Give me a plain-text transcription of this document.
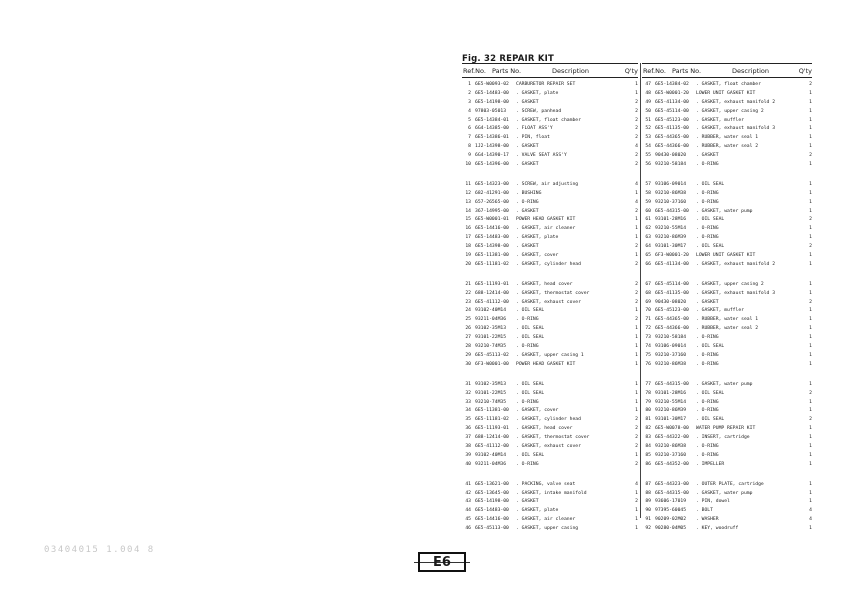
Fig. 32 REPAIR KIT
Ref.No. Parts No.	Description	Q'ty
1 6E5-W0093-02 CARBURETOR REPAIR SET	1
2 6E5-14483-00 . GASKET, plate	1
3 6E5-14198-00 . GASKET	2
4 97803-05013 . SCREW, panhead	2
5 6E5-14384-01 . GASKET, float chamber	2
6 6G4-14385-00 . FLOAT ASS'Y	2
7 6E5-14386-01 . PIN, float	2
8 1J2-14398-00 . GASKET	4
9 6G4-14390-17 . VALVE SEAT ASS'Y	2
10 6E5-14396-00 . GASKET	2
11 6E5-14323-00 . SCREW, air adjusting	4
12 682-41291-00 . BUSHING	1
13 657-26565-00 . O-RING	4
14 367-14995-00 . GASKET	2
15 6E5-W0001-01 POWER HEAD GASKET KIT	1
16 6E5-14416-00 . GASKET, air cleaner	1
17 6E5-14483-00 . GASKET, plate	1
18 6E5-14398-00 . GASKET	2
19 6E5-11381-00 . GASKET, cover	1
20 6E5-11181-02 . GASKET, cylinder head	2
21 6E5-11193-01 . GASKET, head cover	2
22 688-12414-00 . GASKET, thermostat cover	2
23 6E5-41112-00 . GASKET, exhaust cover	2
24 93102-40M14 . OIL SEAL	1
25 93211-04M36 . O-RING	2
26 93102-35M13 . OIL SEAL	1
27 93101-22M15 . OIL SEAL	1
28 93210-74M35 . O-RING	1
29 6E5-45113-02 . GASKET, upper casing 1	1
30 6F3-W0001-00 POWER HEAD GASKET KIT	1
31 93102-35M13 . OIL SEAL	1
32 93101-22M15 . OIL SEAL	1
33 93210-74M35 . O-RING	1
34 6E5-11381-00 . GASKET, cover	1
35 6E5-11181-02 . GASKET, cylinder head	2
36 6E5-11193-01 . GASKET, head cover	2
37 688-12414-00 . GASKET, thermostat cover	2
38 6E5-41112-00 . GASKET, exhaust cover	2
39 93102-40M14 . OIL SEAL	1
40 93211-04M36 . O-RING	2
41 6E5-13621-00 . PACKING, valve seat	4
42 6E5-13645-00 . GASKET, intake manifold	1
43 6E5-14198-00 . GASKET	2
44 6E5-14483-00 . GASKET, plate	1
45 6E5-14416-00 . GASKET, air cleaner	1
46 6E5-45113-00 . GASKET, upper casing	1
Ref.No. Parts No.	Description	Q'ty
47 6E5-14384-02 . GASKET, float chamber	2
48 6E5-W0001-20 LOWER UNIT GASKET KIT	1
49 6E5-41134-00 . GASKET, exhaust manifold 2	1
50 6E5-45114-00 . GASKET, upper casing 2	1
51 6E5-45123-00 . GASKET, muffler	1
52 6E5-41135-00 . GASKET, exhaust manifold 3	1
53 6E5-44365-00 . RUBBER, water seal 1	1
54 6E5-44366-00 . RUBBER, water seal 2	1
55 90430-08020 . GASKET	2
56 93210-58184 . O-RING	1
57 93106-09014 . OIL SEAL	1
58 93210-86M38 . O-RING	1
59 93210-37160 . O-RING	1
60 6E5-44315-00 . GASKET, water pump	1
61 93101-28M16 . OIL SEAL	2
62 93210-55M14 . O-RING	1
63 93210-86M39 . O-RING	1
64 93101-30M17 . OIL SEAL	2
65 6F3-W0001-20 LOWER UNIT GASKET KIT	1
66 6E5-41134-00 . GASKET, exhaust manifold 2	1
67 6E5-45114-00 . GASKET, upper casing 2	1
68 6E5-41135-00 . GASKET, exhaust manifold 3	1
69 90430-08020 . GASKET	2
70 6E5-45123-00 . GASKET, muffler	1
71 6E5-44365-00 . RUBBER, water seal 1	1
72 6E5-44366-00 . RUBBER, water seal 2	1
73 93210-58184 . O-RING	1
74 93106-09014 . OIL SEAL	1
75 93210-37160 . O-RING	1
76 93210-86M38 . O-RING	1
77 6E5-44315-00 . GASKET, water pump	1
78 93101-28M16 . OIL SEAL	2
79 93210-55M14 . O-RING	1
80 93210-86M39 . O-RING	1
81 93101-30M17 . OIL SEAL	2
82 6E5-W0078-00 WATER PUMP REPAIR KIT	1
83 6E5-44322-00 . INSERT, cartridge	1
84 93210-86M38 . O-RING	1
85 93210-37160 . O-RING	1
86 6E5-44352-00 . IMPELLER	1
87 6E5-44323-00 . OUTER PLATE, cartridge	1
88 6E5-44315-00 . GASKET, water pump	1
89 93606-17019 . PIN, dowel	1
90 97395-60045 . BOLT	4
91 90209-02M02 . WASHER	4
92 90280-04M05 . KEY, woodruff	1
03404015 1.004 8
E6
